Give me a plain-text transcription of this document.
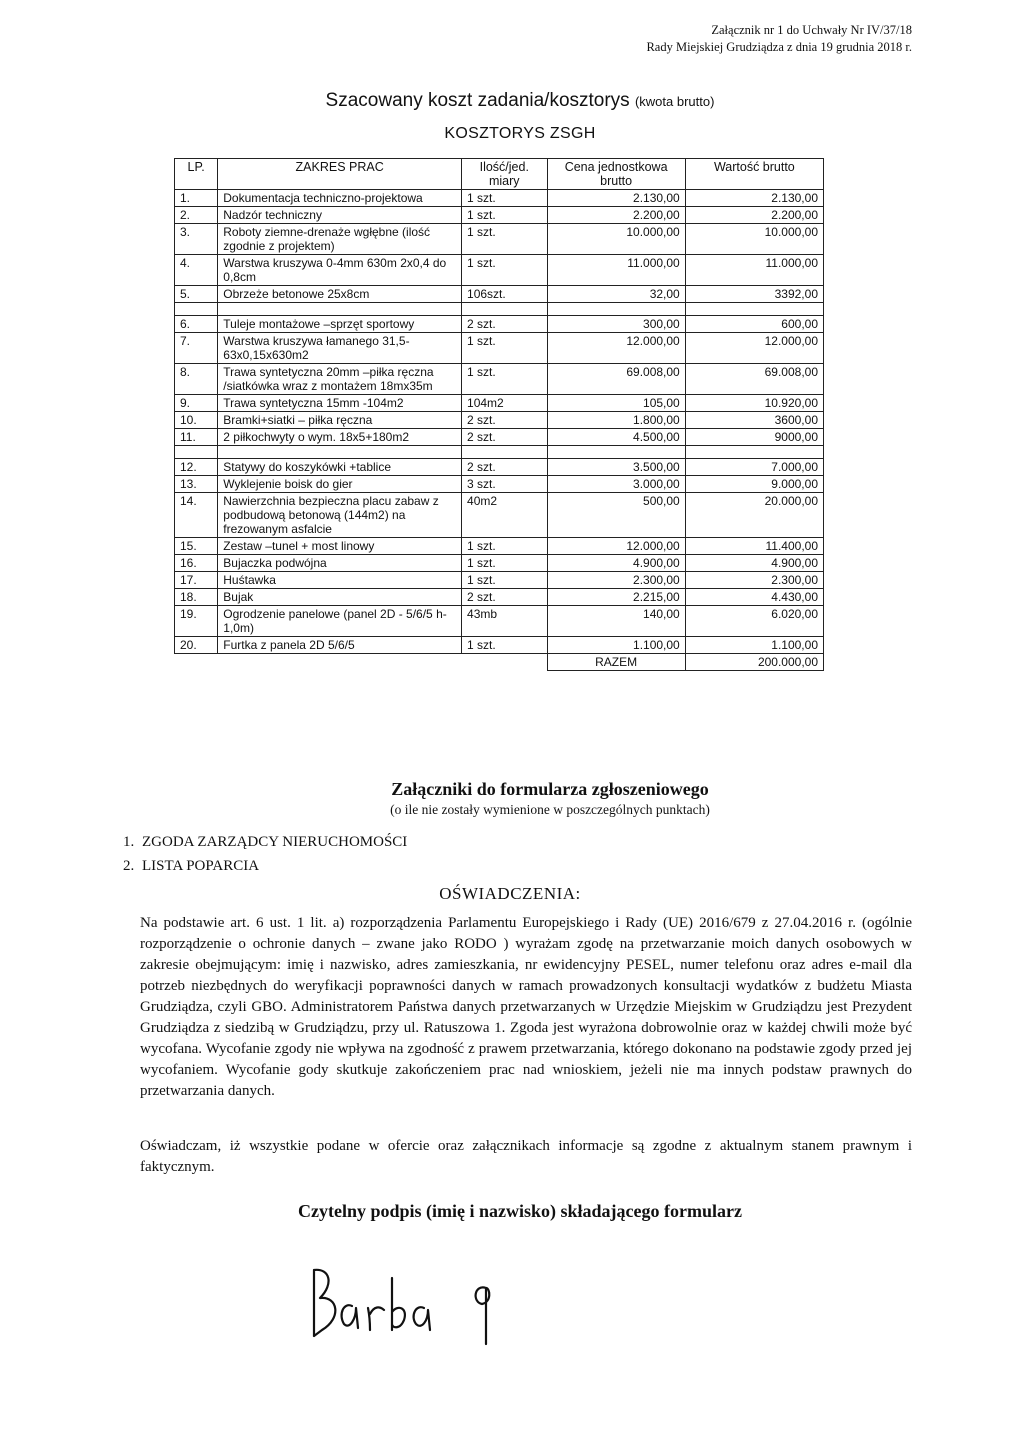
Załącznik nr 1 do Uchwały Nr IV/37/18
Rady Miejskiej Grudziądza z dnia 19 grudnia 2018 r.
Szacowany koszt zadania/kosztorys (kwota brutto)
KOSZTORYS ZSGH
LP.	ZAKRES PRAC	Ilość/jed. miary	Cena jednostkowa brutto	Wartość brutto
1.	Dokumentacja techniczno-projektowa	1 szt.	2.130,00	2.130,00
2.	Nadzór techniczny	1 szt.	2.200,00	2.200,00
3.	Roboty ziemne-drenaże wgłębne (ilość zgodnie z projektem)	1 szt.	10.000,00	10.000,00
4.	Warstwa kruszywa 0-4mm 630m 2x0,4 do 0,8cm	1 szt.	11.000,00	11.000,00
5.	Obrzeże betonowe 25x8cm	106szt.	32,00	3392,00

6.	Tuleje montażowe –sprzęt sportowy	2 szt.	300,00	600,00
7.	Warstwa kruszywa łamanego 31,5-63x0,15x630m2	1 szt.	12.000,00	12.000,00
8.	Trawa syntetyczna 20mm –piłka ręczna /siatkówka wraz z montażem 18mx35m	1 szt.	69.008,00	69.008,00
9.	Trawa syntetyczna 15mm -104m2	104m2	105,00	10.920,00
10.	Bramki+siatki – piłka ręczna	2 szt.	1.800,00	3600,00
11.	2 piłkochwyty o wym. 18x5+180m2	2 szt.	4.500,00	9000,00

12.	Statywy do koszykówki +tablice	2 szt.	3.500,00	7.000,00
13.	Wyklejenie boisk do gier	3 szt.	3.000,00	9.000,00
14.	Nawierzchnia bezpieczna placu zabaw z podbudową betonową (144m2) na frezowanym asfalcie	40m2	500,00	20.000,00
15.	Zestaw –tunel + most linowy	1 szt.	12.000,00	11.400,00
16.	Bujaczka podwójna	1 szt.	4.900,00	4.900,00
17.	Huśtawka	1 szt.	2.300,00	2.300,00
18.	Bujak	2 szt.	2.215,00	4.430,00
19.	Ogrodzenie panelowe (panel 2D - 5/6/5 h-1,0m)	43mb	140,00	6.020,00
20.	Furtka z panela 2D 5/6/5	1 szt.	1.100,00	1.100,00
			RAZEM	200.000,00
Załączniki do formularza zgłoszeniowego
(o ile nie zostały wymienione w poszczególnych punktach)
1. ZGODA ZARZĄDCY NIERUCHOMOŚCI
2. LISTA POPARCIA
OŚWIADCZENIA:

Na podstawie art. 6 ust. 1 lit. a) rozporządzenia Parlamentu Europejskiego i Rady (UE) 2016/679 z 27.04.2016 r. (ogólnie rozporządzenie o ochronie danych – zwane jako RODO ) wyrażam zgodę na przetwarzanie moich danych osobowych w zakresie obejmującym: imię i nazwisko, adres zamieszkania, nr ewidencyjny PESEL, numer telefonu oraz adres e-mail dla potrzeb niezbędnych do weryfikacji poprawności danych w ramach prowadzonych konsultacji wydatków z budżetu Miasta Grudziądza, czyli GBO. Administratorem Państwa danych przetwarzanych w Urzędzie Miejskim w Grudziądzu jest Prezydent Grudziądza z siedzibą w Grudziądzu, przy ul. Ratuszowa 1. Zgoda jest wyrażona dobrowolnie oraz w każdej chwili może być wycofana. Wycofanie zgody nie wpływa na zgodność z prawem przetwarzania, którego dokonano na podstawie zgody przed jej wycofaniem. Wycofanie gody skutkuje zakończeniem prac nad wnioskiem, jeżeli nie ma innych podstaw prawnych do przetwarzania danych.

Oświadczam, iż wszystkie podane w ofercie oraz załącznikach informacje są zgodne z aktualnym stanem prawnym i faktycznym.

Czytelny podpis (imię i nazwisko) składającego formularz
